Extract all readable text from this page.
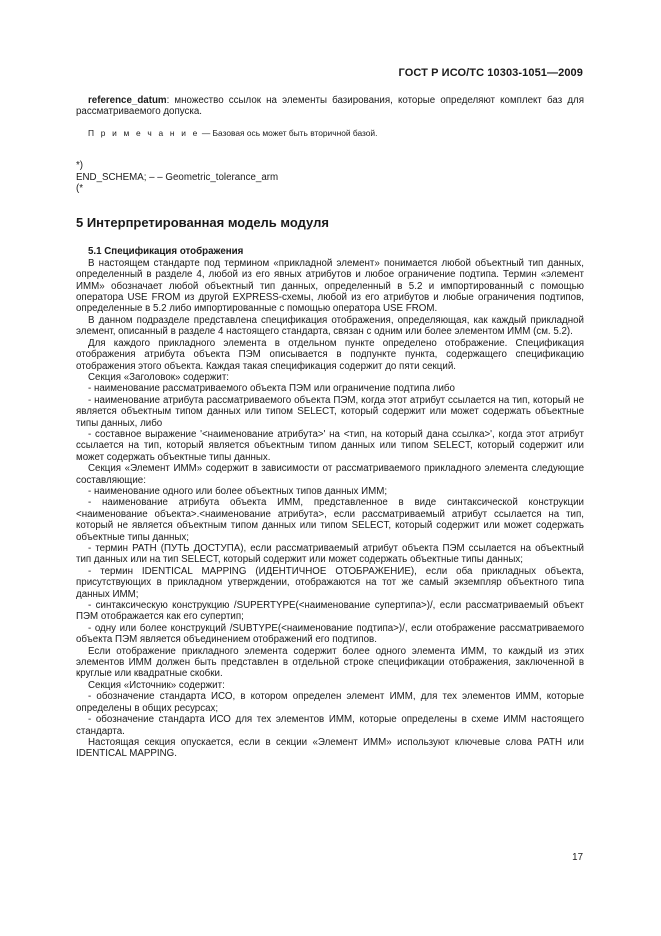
ГОСТ Р ИСО/ТС 10303-1051—2009

reference_datum: множество ссылок на элементы базирования, которые определяют комплект баз для рассматриваемого допуска.

П р и м е ч а н и е — Базовая ось может быть вторичной базой.

*)
END_SCHEMA; – – Geometric_tolerance_arm
(*
5 Интерпретированная модель модуля
5.1 Спецификация отображения

В настоящем стандарте под термином «прикладной элемент» понимается любой объектный тип данных, определенный в разделе 4, любой из его явных атрибутов и любое ограничение подтипа. Термин «элемент ИММ» обозначает любой объектный тип данных, определенный в 5.2 и импортированный с помощью оператора USE FROM из другой EXPRESS-схемы, любой из его атрибутов и любые ограничения подтипов, определенные в 5.2 либо импортированные с помощью оператора USE FROM.

В данном подразделе представлена спецификация отображения, определяющая, как каждый прикладной элемент, описанный в разделе 4 настоящего стандарта, связан с одним или более элементом ИММ (см. 5.2).

Для каждого прикладного элемента в отдельном пункте определено отображение. Спецификация отображения атрибута объекта ПЭМ описывается в подпункте пункта, содержащего спецификацию отображения этого объекта. Каждая такая спецификация содержит до пяти секций.

Секция «Заголовок» содержит:

- наименование рассматриваемого объекта ПЭМ или ограничение подтипа либо

- наименование атрибута рассматриваемого объекта ПЭМ, когда этот атрибут ссылается на тип, который не является объектным типом данных или типом SELECT, который содержит или может содержать объектные типы данных, либо

- составное выражение '<наименование атрибута>' на <тип, на который дана ссылка>', когда этот атрибут ссылается на тип, который является объектным типом данных или типом SELECT, который содержит или может содержать объектные типы данных.

Секция «Элемент ИММ» содержит в зависимости от рассматриваемого прикладного элемента следующие составляющие:

- наименование одного или более объектных типов данных ИММ;

- наименование атрибута объекта ИММ, представленное в виде синтаксической конструкции <наименование объекта>.<наименование атрибута>, если рассматриваемый атрибут ссылается на тип, который не является объектным типом данных или типом SELECT, который содержит или может содержать объектные типы данных;

- термин PATH (ПУТЬ ДОСТУПА), если рассматриваемый атрибут объекта ПЭМ ссылается на объектный тип данных или на тип SELECT, который содержит или может содержать объектные типы данных;

- термин IDENTICAL MAPPING (ИДЕНТИЧНОЕ ОТОБРАЖЕНИЕ), если оба прикладных объекта, присутствующих в прикладном утверждении, отображаются на тот же самый экземпляр объектного типа данных ИММ;

- синтаксическую конструкцию /SUPERTYPE(<наименование супертипа>)/, если рассматриваемый объект ПЭМ отображается как его супертип;

- одну или более конструкций /SUBTYPE(<наименование подтипа>)/, если отображение рассматриваемого объекта ПЭМ является объединением отображений его подтипов.

Если отображение прикладного элемента содержит более одного элемента ИММ, то каждый из этих элементов ИММ должен быть представлен в отдельной строке спецификации отображения, заключенной в круглые или квадратные скобки.

Секция «Источник» содержит:

- обозначение стандарта ИСО, в котором определен элемент ИММ, для тех элементов ИММ, которые определены в общих ресурсах;

- обозначение стандарта ИСО для тех элементов ИММ, которые определены в схеме ИММ настоящего стандарта.

Настоящая секция опускается, если в секции «Элемент ИММ» используют ключевые слова PATH или IDENTICAL MAPPING.

17
